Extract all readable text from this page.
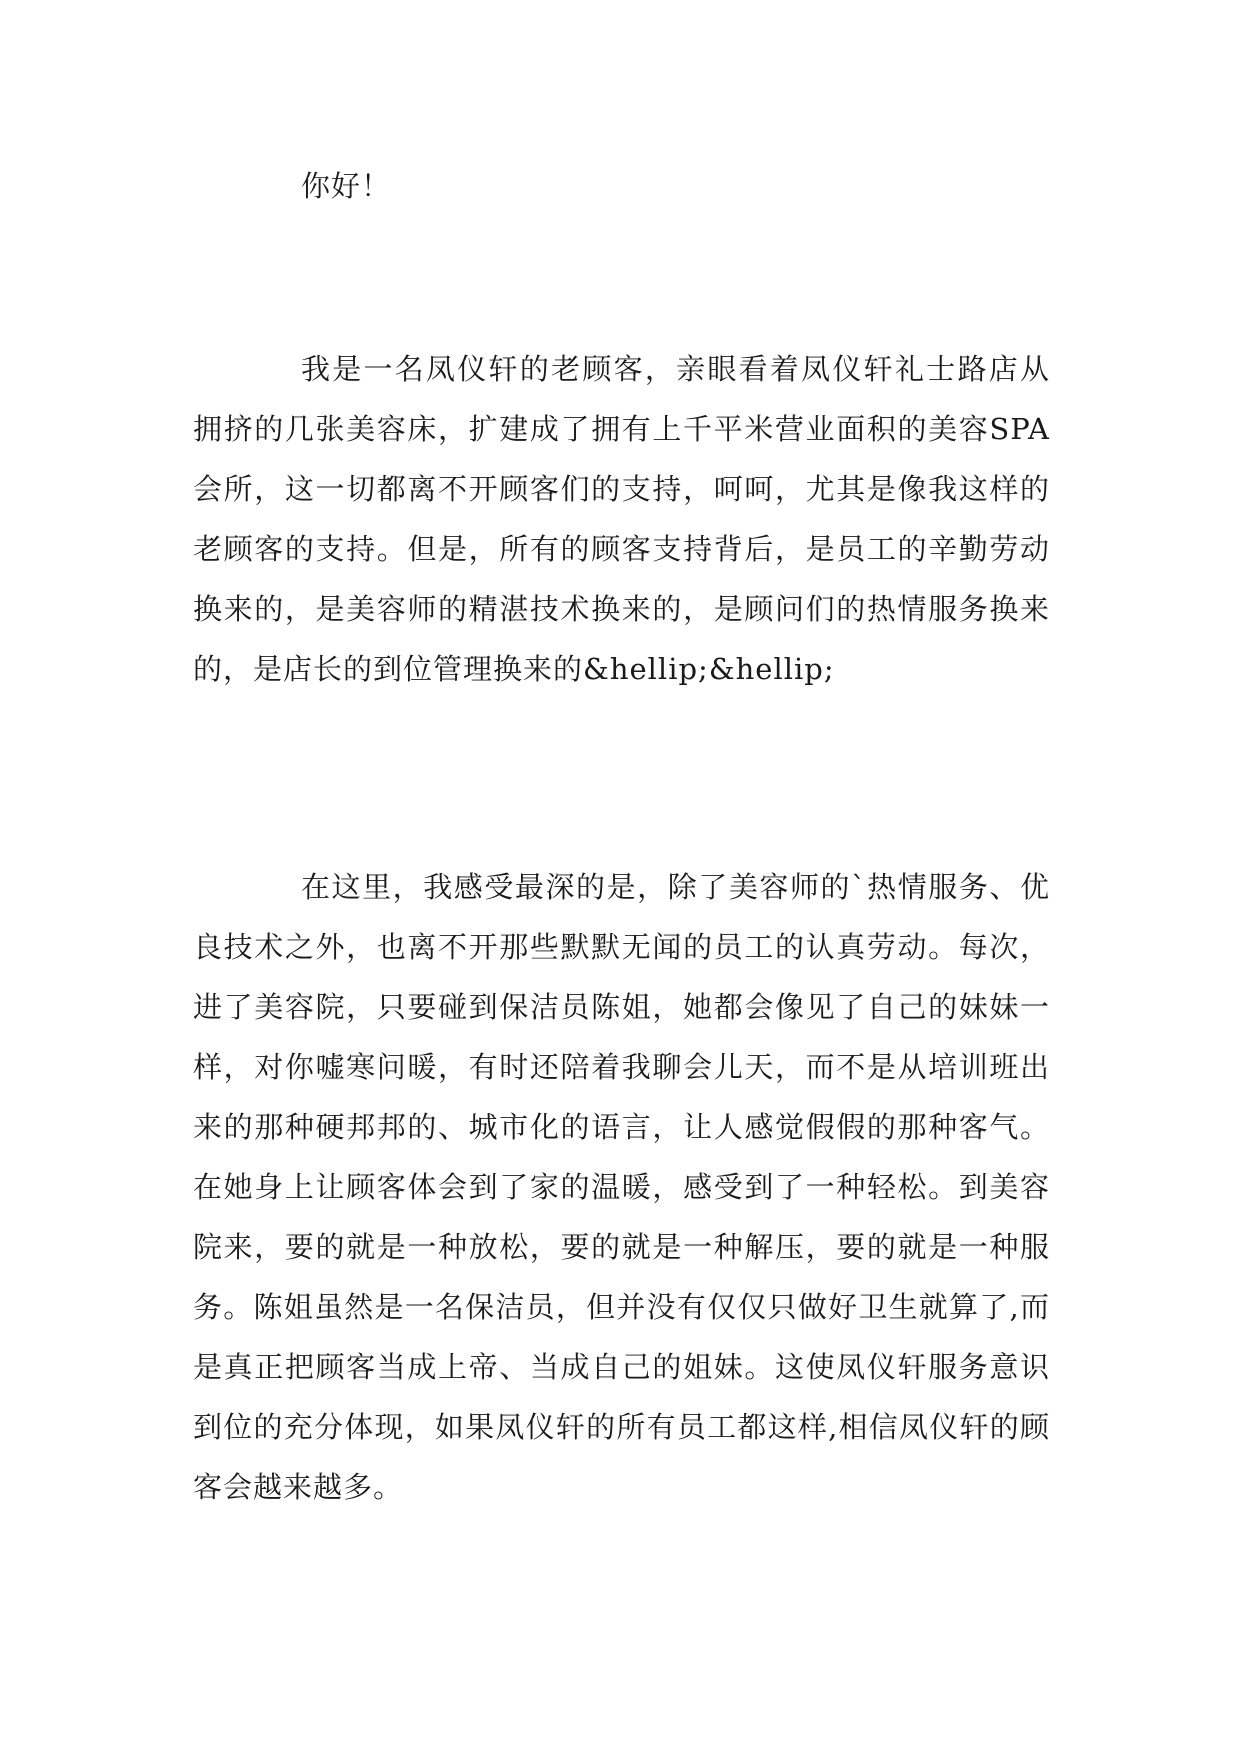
你好！

我是一名凤仪轩的老顾客，亲眼看着凤仪轩礼士路店从拥挤的几张美容床，扩建成了拥有上千平米营业面积的美容SPA会所，这一切都离不开顾客们的支持，呵呵，尤其是像我这样的老顾客的支持。但是，所有的顾客支持背后，是员工的辛勤劳动换来的，是美容师的精湛技术换来的，是顾问们的热情服务换来的，是店长的到位管理换来的&hellip;&hellip;

在这里，我感受最深的是，除了美容师的`热情服务、优良技术之外，也离不开那些默默无闻的员工的认真劳动。每次，进了美容院，只要碰到保洁员陈姐，她都会像见了自己的妹妹一样，对你嘘寒问暖，有时还陪着我聊会儿天，而不是从培训班出来的那种硬邦邦的、城市化的语言，让人感觉假假的那种客气。在她身上让顾客体会到了家的温暖，感受到了一种轻松。到美容院来，要的就是一种放松，要的就是一种解压，要的就是一种服务。陈姐虽然是一名保洁员，但并没有仅仅只做好卫生就算了,而是真正把顾客当成上帝、当成自己的姐妹。这使凤仪轩服务意识到位的充分体现，如果凤仪轩的所有员工都这样,相信凤仪轩的顾客会越来越多。
